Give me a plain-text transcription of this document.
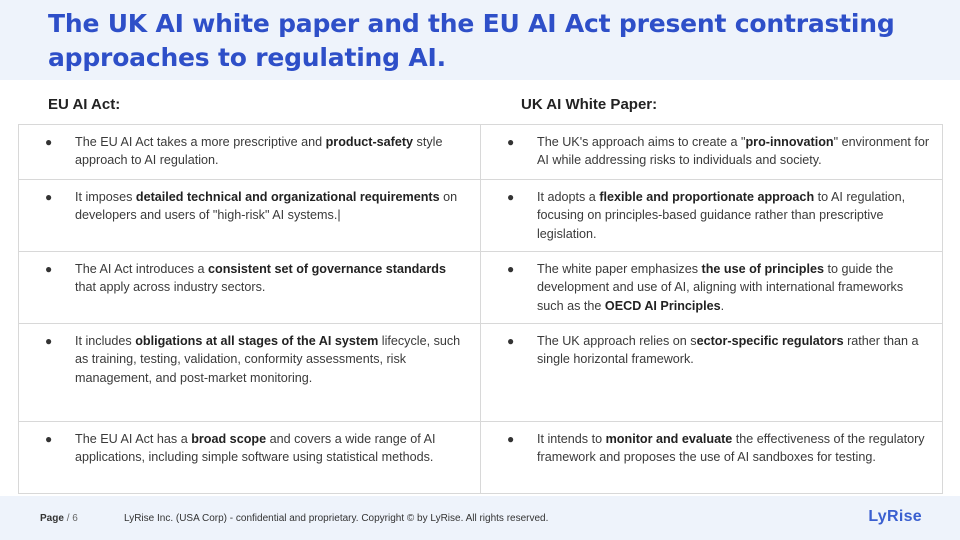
The UK AI white paper and the EU AI Act present contrasting approaches to regulating AI.
EU AI Act:	UK AI White Paper:
● The EU AI Act takes a more prescriptive and product-safety style approach to AI regulation.	● The UK's approach aims to create a "pro-innovation" environment for AI while addressing risks to individuals and society.

● It imposes detailed technical and organizational requirements on developers and users of "high-risk" AI systems.|	● It adopts a flexible and proportionate approach to AI regulation, focusing on principles-based guidance rather than prescriptive legislation.

● The AI Act introduces a consistent set of governance standards that apply across industry sectors.	● The white paper emphasizes the use of principles to guide the development and use of AI, aligning with international frameworks such as the OECD AI Principles.

● It includes obligations at all stages of the AI system lifecycle, such as training, testing, validation, conformity assessments, risk management, and post-market monitoring.	● The UK approach relies on sector-specific regulators rather than a single horizontal framework.

● The EU AI Act has a broad scope and covers a wide range of AI applications, including simple software using statistical methods.	● It intends to monitor and evaluate the effectiveness of the regulatory framework and proposes the use of AI sandboxes for testing.
Page / 6	LyRise Inc. (USA Corp) - confidential and proprietary. Copyright © by LyRise. All rights reserved.	LyRise
